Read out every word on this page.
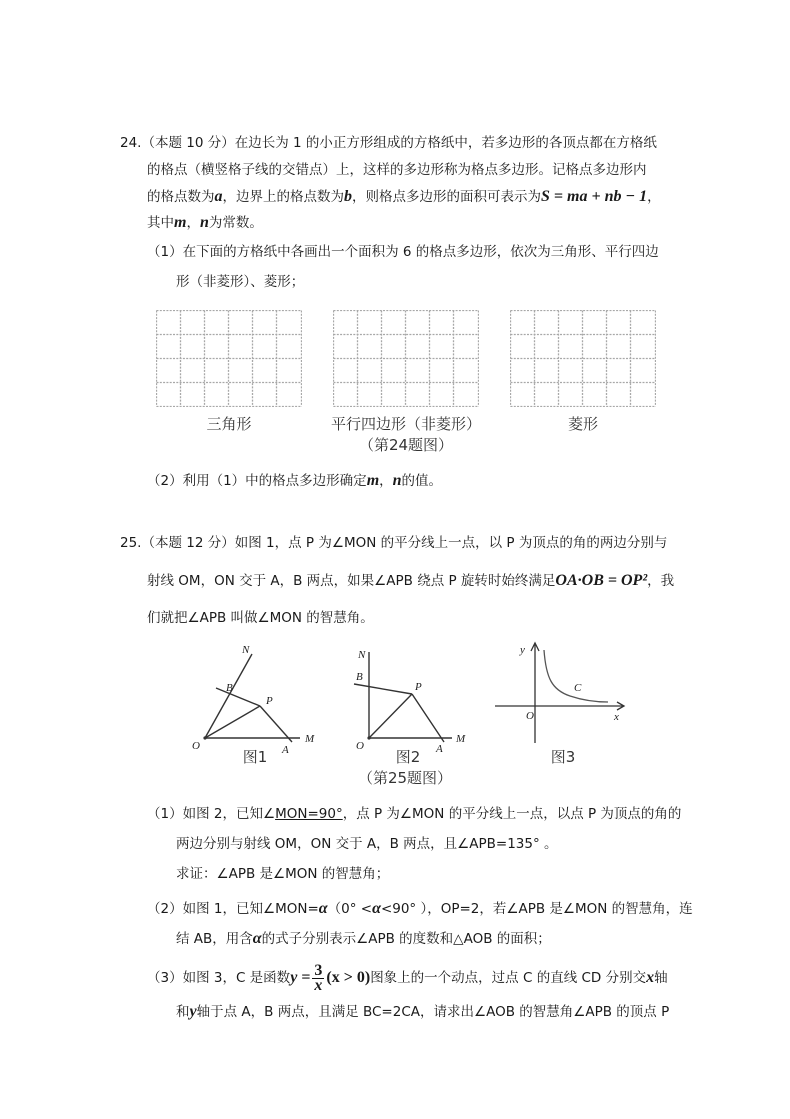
24.（本题 10 分）在边长为 1 的小正方形组成的方格纸中，若多边形的各顶点都在方格纸
的格点（横竖格子线的交错点）上，这样的多边形称为格点多边形。记格点多边形内
的格点数为a，边界上的格点数为b，则格点多边形的面积可表示为S = ma + nb − 1，
其中m，n为常数。
（1）在下面的方格纸中各画出一个面积为 6 的格点多边形，依次为三角形、平行四边
形（非菱形）、菱形；
三角形	平行四边形（非菱形）	菱形
（第24题图）
（2）利用（1）中的格点多边形确定m，n的值。
25.（本题 12 分）如图 1，点 P 为∠MON 的平分线上一点，以 P 为顶点的角的两边分别与
射线 OM，ON 交于 A，B 两点，如果∠APB 绕点 P 旋转时始终满足OA·OB = OP²，我
们就把∠APB 叫做∠MON 的智慧角。
N
B
P
O	A
M
图1
N
B
P
O	A
M
图2
y
C
O	x
图3
（第25题图）
（1）如图 2，已知∠MON=90°，点 P 为∠MON 的平分线上一点，以点 P 为顶点的角的
两边分别与射线 OM，ON 交于 A，B 两点，且∠APB=135° 。
求证：∠APB 是∠MON 的智慧角；
（2）如图 1，已知∠MON=α（0° <α<90° ），OP=2，若∠APB 是∠MON 的智慧角，连
结 AB，用含α的式子分别表示∠APB 的度数和△AOB 的面积；
（3）如图 3，C 是函数$y = \frac{3}{x} (x > 0)$图象上的一个动点，过点 C 的直线 CD 分别交x轴
和y轴于点 A，B 两点，且满足 BC=2CA，请求出∠AOB 的智慧角∠APB 的顶点 P
